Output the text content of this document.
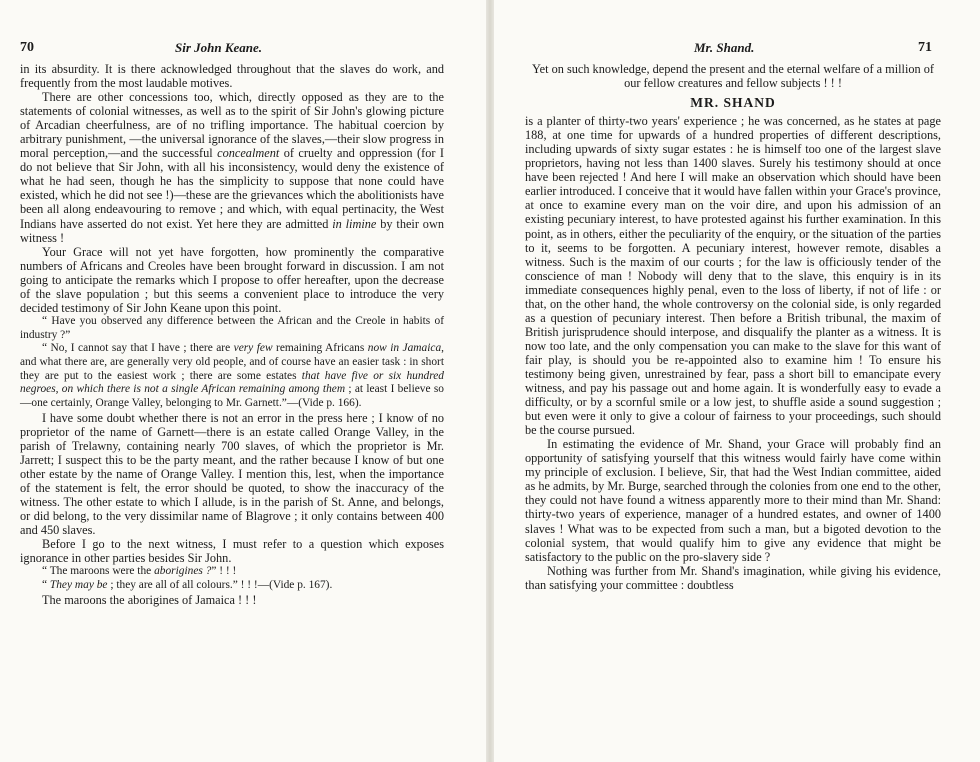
70	Sir John Keane.

in its absurdity. It is there acknowledged throughout that the slaves do work, and frequently from the most laudable motives.

There are other concessions too, which, directly opposed as they are to the statements of colonial witnesses, as well as to the spirit of Sir John's glowing picture of Arcadian cheerfulness, are of no trifling importance. The habitual coercion by arbitrary punishment, —the universal ignorance of the slaves,—their slow progress in moral perception,—and the successful concealment of cruelty and oppression (for I do not believe that Sir John, with all his inconsistency, would deny the existence of what he had seen, though he has the simplicity to suppose that none could have existed, which he did not see !)—these are the grievances which the abolitionists have been all along endeavouring to remove ; and which, with equal pertinacity, the West Indians have asserted do not exist. Yet here they are admitted in limine by their own witness !

Your Grace will not yet have forgotten, how prominently the comparative numbers of Africans and Creoles have been brought forward in discussion. I am not going to anticipate the remarks which I propose to offer hereafter, upon the decrease of the slave population ; but this seems a convenient place to introduce the very decided testimony of Sir John Keane upon this point.

“ Have you observed any difference between the African and the Creole in habits of industry ?”

“ No, I cannot say that I have ; there are very few remaining Africans now in Jamaica, and what there are, are generally very old people, and of course have an easier task : in short they are put to the easiest work ; there are some estates that have five or six hundred negroes, on which there is not a single African remaining among them ; at least I believe so—one certainly, Orange Valley, belonging to Mr. Garnett.”—(Vide p. 166).

I have some doubt whether there is not an error in the press here ; I know of no proprietor of the name of Garnett—there is an estate called Orange Valley, in the parish of Trelawny, containing nearly 700 slaves, of which the proprietor is Mr. Jarrett; I suspect this to be the party meant, and the rather because I know of but one other estate by the name of Orange Valley. I mention this, lest, when the importance of the statement is felt, the error should be quoted, to show the inaccuracy of the witness. The other estate to which I allude, is in the parish of St. Anne, and belongs, or did belong, to the very dissimilar name of Blagrove ; it only contains between 400 and 450 slaves.

Before I go to the next witness, I must refer to a question which exposes ignorance in other parties besides Sir John.

“ The maroons were the aborigines ?” ! ! !

“ They may be ; they are all of all colours.” ! ! !—(Vide p. 167).

The maroons the aborigines of Jamaica ! ! !

Mr. Shand.	71

Yet on such knowledge, depend the present and the eternal welfare of a million of our fellow creatures and fellow subjects ! ! !

MR. SHAND

is a planter of thirty-two years' experience ; he was concerned, as he states at page 188, at one time for upwards of a hundred properties of different descriptions, including upwards of sixty sugar estates : he is himself too one of the largest slave proprietors, having not less than 1400 slaves. Surely his testimony should at once have been rejected ! And here I will make an observation which should have been earlier introduced. I conceive that it would have fallen within your Grace's province, at once to examine every man on the voir dire, and upon his admission of an existing pecuniary interest, to have protested against his further examination. In this point, as in others, either the peculiarity of the enquiry, or the situation of the parties to it, seems to be forgotten. A pecuniary interest, however remote, disables a witness. Such is the maxim of our courts ; for the law is officiously tender of the conscience of man ! Nobody will deny that to the slave, this enquiry is in its immediate consequences highly penal, even to the loss of liberty, if not of life : or that, on the other hand, the whole controversy on the colonial side, is only regarded as a question of pecuniary interest. Then before a British tribunal, the maxim of British jurisprudence should interpose, and disqualify the planter as a witness. It is now too late, and the only compensation you can make to the slave for this want of fair play, is should you be re-appointed also to examine him ! To ensure his testimony being given, unrestrained by fear, pass a short bill to emancipate every witness, and pay his passage out and home again. It is wonderfully easy to evade a difficulty, or by a scornful smile or a low jest, to shuffle aside a sound suggestion ; but even were it only to give a colour of fairness to your proceedings, such should be the course pursued.

In estimating the evidence of Mr. Shand, your Grace will probably find an opportunity of satisfying yourself that this witness would fairly have come within my principle of exclusion. I believe, Sir, that had the West Indian committee, aided as he admits, by Mr. Burge, searched through the colonies from one end to the other, they could not have found a witness apparently more to their mind than Mr. Shand: thirty-two years of experience, manager of a hundred estates, and owner of 1400 slaves ! What was to be expected from such a man, but a bigoted devotion to the colonial system, that would qualify him to give any evidence that might be satisfactory to the public on the pro-slavery side ?

Nothing was further from Mr. Shand's imagination, while giving his evidence, than satisfying your committee : doubtless
